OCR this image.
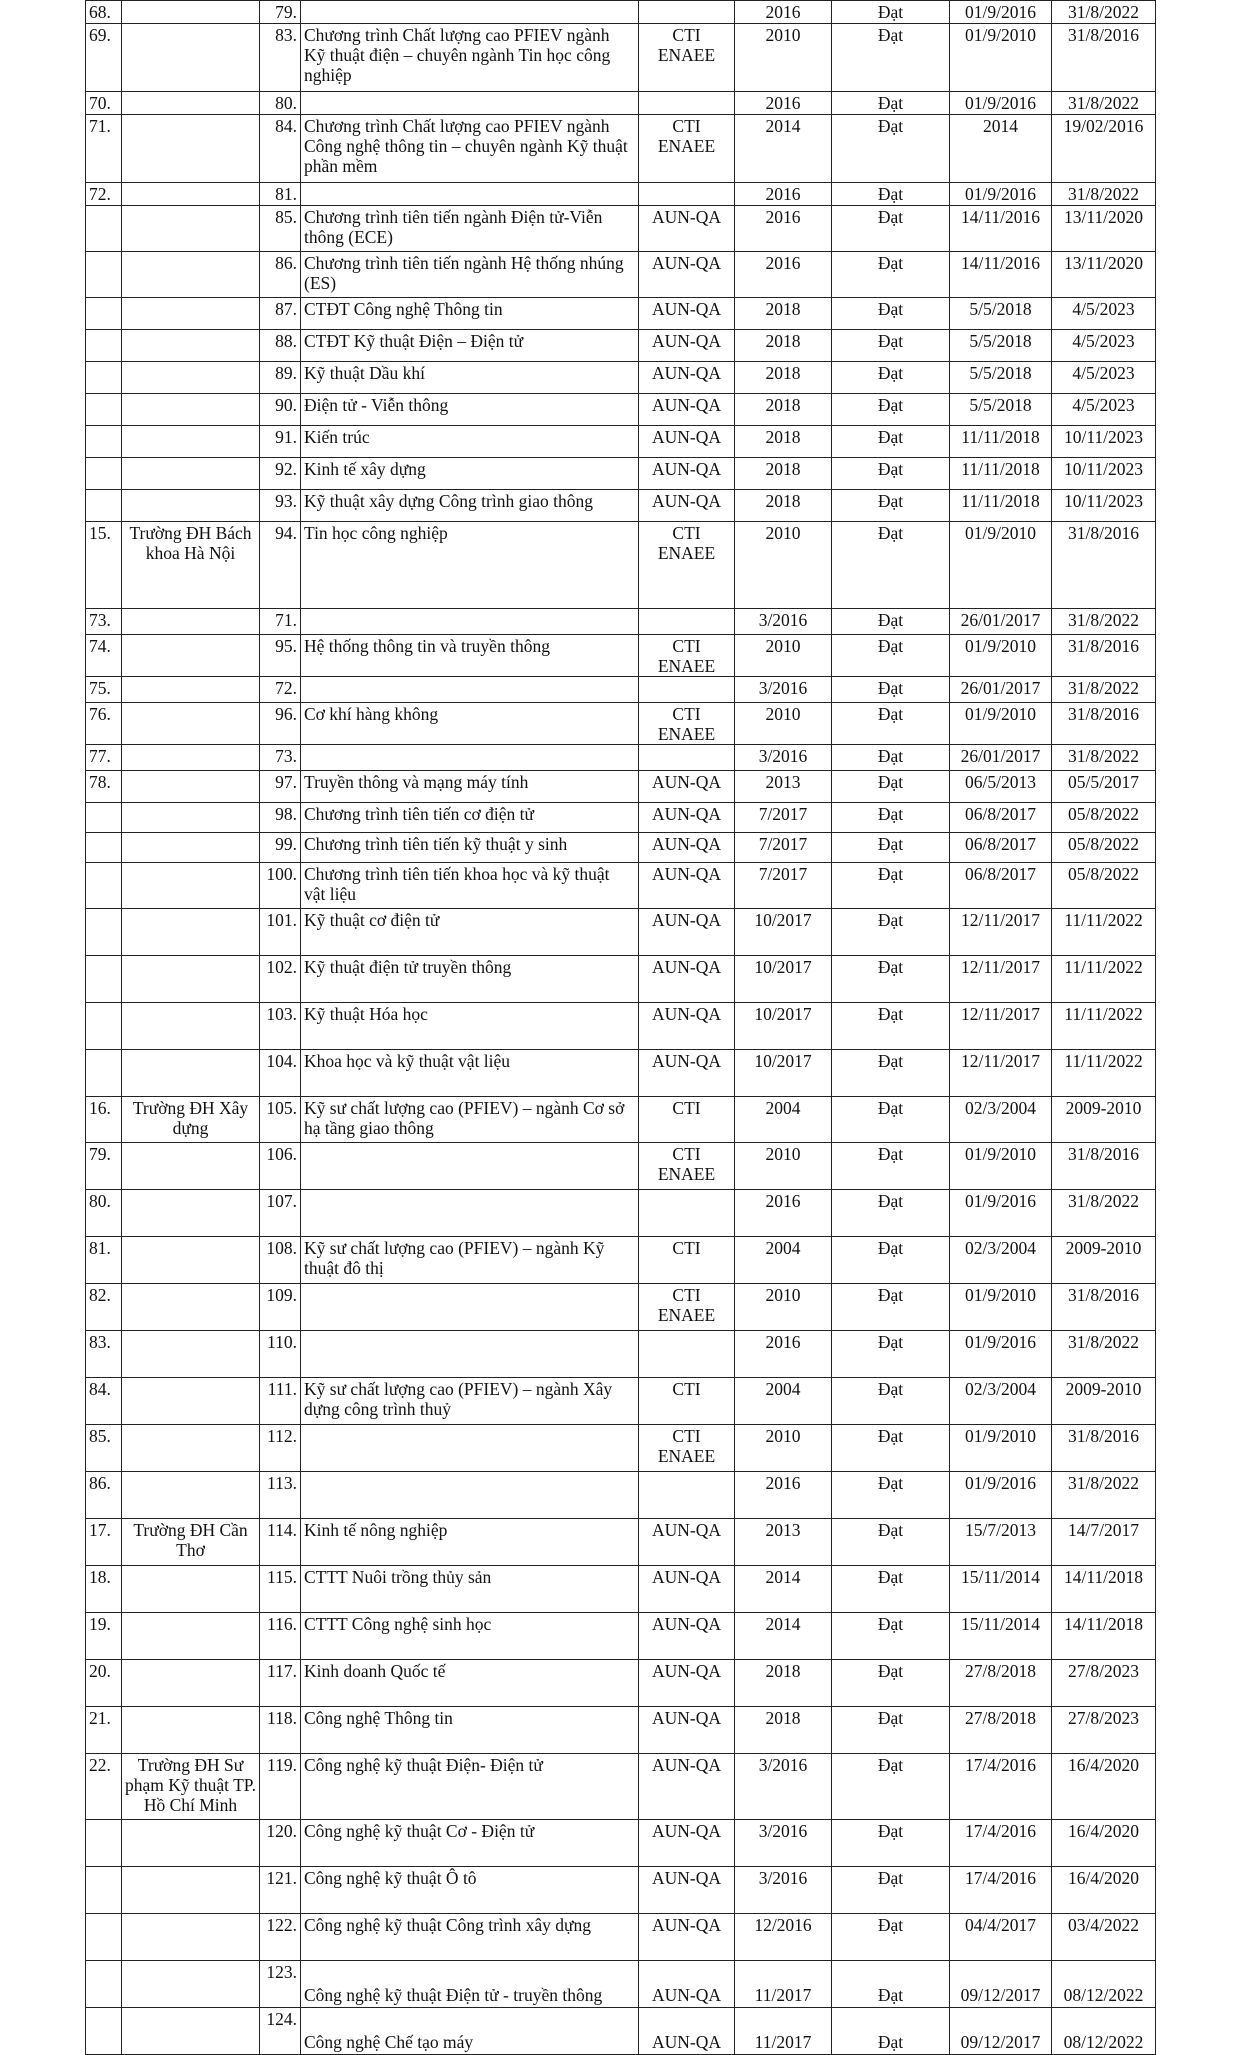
68.		79.			2016	Đạt	01/9/2016	31/8/2022
69.		83.	Chương trình Chất lượng cao PFIEV ngành Kỹ thuật điện – chuyên ngành Tin học công nghiệp	CTI ENAEE	2010	Đạt	01/9/2010	31/8/2016
70.		80.			2016	Đạt	01/9/2016	31/8/2022
71.		84.	Chương trình Chất lượng cao PFIEV ngành Công nghệ thông tin – chuyên ngành Kỹ thuật phần mềm	CTI ENAEE	2014	Đạt	2014	19/02/2016
72.		81.			2016	Đạt	01/9/2016	31/8/2022
		85.	Chương trình tiên tiến ngành Điện tử-Viễn thông (ECE)	AUN-QA	2016	Đạt	14/11/2016	13/11/2020
		86.	Chương trình tiên tiến ngành Hệ thống nhúng (ES)	AUN-QA	2016	Đạt	14/11/2016	13/11/2020
		87.	CTĐT Công nghệ Thông tin	AUN-QA	2018	Đạt	5/5/2018	4/5/2023
		88.	CTĐT Kỹ thuật Điện – Điện tử	AUN-QA	2018	Đạt	5/5/2018	4/5/2023
		89.	Kỹ thuật Dầu khí	AUN-QA	2018	Đạt	5/5/2018	4/5/2023
		90.	Điện tử - Viễn thông	AUN-QA	2018	Đạt	5/5/2018	4/5/2023
		91.	Kiến trúc	AUN-QA	2018	Đạt	11/11/2018	10/11/2023
		92.	Kinh tế xây dựng	AUN-QA	2018	Đạt	11/11/2018	10/11/2023
		93.	Kỹ thuật xây dựng Công trình giao thông	AUN-QA	2018	Đạt	11/11/2018	10/11/2023
15.	Trường ĐH Bách khoa Hà Nội	94.	Tin học công nghiệp	CTI ENAEE	2010	Đạt	01/9/2010	31/8/2016
73.		71.			3/2016	Đạt	26/01/2017	31/8/2022
74.		95.	Hệ thống thông tin và truyền thông	CTI ENAEE	2010	Đạt	01/9/2010	31/8/2016
75.		72.			3/2016	Đạt	26/01/2017	31/8/2022
76.		96.	Cơ khí hàng không	CTI ENAEE	2010	Đạt	01/9/2010	31/8/2016
77.		73.			3/2016	Đạt	26/01/2017	31/8/2022
78.		97.	Truyền thông và mạng máy tính	AUN-QA	2013	Đạt	06/5/2013	05/5/2017
		98.	Chương trình tiên tiến cơ điện tử	AUN-QA	7/2017	Đạt	06/8/2017	05/8/2022
		99.	Chương trình tiên tiến kỹ thuật y sinh	AUN-QA	7/2017	Đạt	06/8/2017	05/8/2022
		100.	Chương trình tiên tiến khoa học và kỹ thuật vật liệu	AUN-QA	7/2017	Đạt	06/8/2017	05/8/2022
		101.	Kỹ thuật cơ điện tử	AUN-QA	10/2017	Đạt	12/11/2017	11/11/2022
		102.	Kỹ thuật điện tử truyền thông	AUN-QA	10/2017	Đạt	12/11/2017	11/11/2022
		103.	Kỹ thuật Hóa học	AUN-QA	10/2017	Đạt	12/11/2017	11/11/2022
		104.	Khoa học và kỹ thuật vật liệu	AUN-QA	10/2017	Đạt	12/11/2017	11/11/2022
16.	Trường ĐH Xây dựng	105.	Kỹ sư chất lượng cao (PFIEV) – ngành Cơ sở hạ tầng giao thông	CTI	2004	Đạt	02/3/2004	2009-2010
79.		106.		CTI ENAEE	2010	Đạt	01/9/2010	31/8/2016
80.		107.			2016	Đạt	01/9/2016	31/8/2022
81.		108.	Kỹ sư chất lượng cao (PFIEV) – ngành Kỹ thuật đô thị	CTI	2004	Đạt	02/3/2004	2009-2010
82.		109.		CTI ENAEE	2010	Đạt	01/9/2010	31/8/2016
83.		110.			2016	Đạt	01/9/2016	31/8/2022
84.		111.	Kỹ sư chất lượng cao (PFIEV) – ngành Xây dựng công trình thuỷ	CTI	2004	Đạt	02/3/2004	2009-2010
85.		112.		CTI ENAEE	2010	Đạt	01/9/2010	31/8/2016
86.		113.			2016	Đạt	01/9/2016	31/8/2022
17.	Trường ĐH Cần Thơ	114.	Kinh tế nông nghiệp	AUN-QA	2013	Đạt	15/7/2013	14/7/2017
18.		115.	CTTT Nuôi trồng thủy sản	AUN-QA	2014	Đạt	15/11/2014	14/11/2018
19.		116.	CTTT Công nghệ sinh học	AUN-QA	2014	Đạt	15/11/2014	14/11/2018
20.		117.	Kinh doanh Quốc tế	AUN-QA	2018	Đạt	27/8/2018	27/8/2023
21.		118.	Công nghệ Thông tin	AUN-QA	2018	Đạt	27/8/2018	27/8/2023
22.	Trường ĐH Sư phạm Kỹ thuật TP. Hồ Chí Minh	119.	Công nghệ kỹ thuật Điện- Điện tử	AUN-QA	3/2016	Đạt	17/4/2016	16/4/2020
		120.	Công nghệ kỹ thuật Cơ - Điện tử	AUN-QA	3/2016	Đạt	17/4/2016	16/4/2020
		121.	Công nghệ kỹ thuật Ô tô	AUN-QA	3/2016	Đạt	17/4/2016	16/4/2020
		122.	Công nghệ kỹ thuật Công trình xây dựng	AUN-QA	12/2016	Đạt	04/4/2017	03/4/2022
		123.	Công nghệ kỹ thuật Điện tử - truyền thông	AUN-QA	11/2017	Đạt	09/12/2017	08/12/2022
		124.	Công nghệ Chế tạo máy	AUN-QA	11/2017	Đạt	09/12/2017	08/12/2022
